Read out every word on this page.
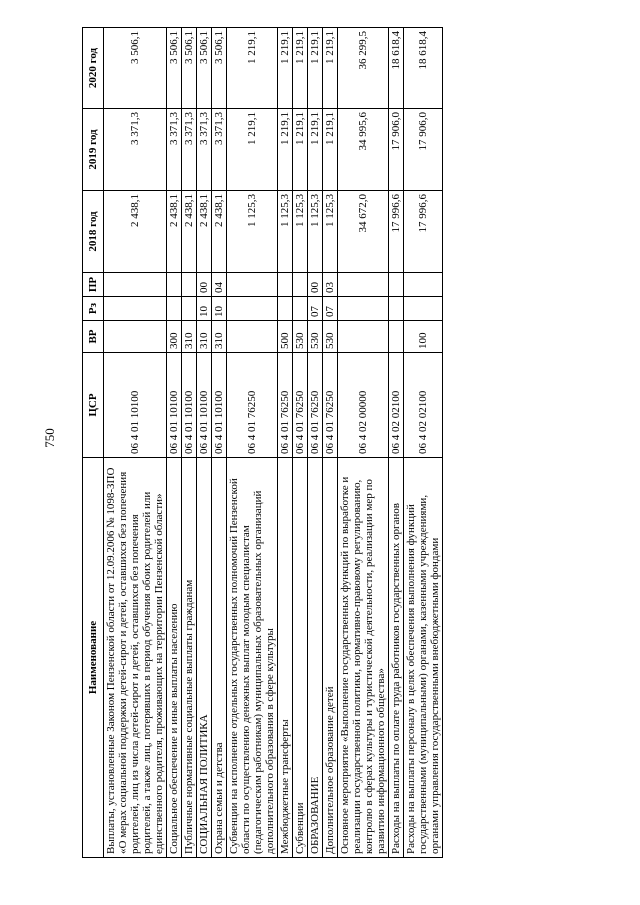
750
Наименование	ЦСР	ВР	Рз	ПР	2018 год	2019 год	2020 год
Выплаты, установленные Законом Пензенской области от 12.09.2006 № 1098-ЗПО «О мерах социальной поддержки детей-сирот и детей, оставшихся без попечения родителей, лиц из числа детей-сирот и детей, оставшихся без попечения родителей, а также лиц, потерявших в период обучения обоих родителей или единственного родителя, проживающих на территории Пензенской области»	06 4 01 10100				2 438,1	3 371,3	3 506,1
Социальное обеспечение и иные выплаты населению	06 4 01 10100	300			2 438,1	3 371,3	3 506,1
Публичные нормативные социальные выплаты гражданам	06 4 01 10100	310			2 438,1	3 371,3	3 506,1
СОЦИАЛЬНАЯ ПОЛИТИКА	06 4 01 10100	310	10	00	2 438,1	3 371,3	3 506,1
Охрана семьи и детства	06 4 01 10100	310	10	04	2 438,1	3 371,3	3 506,1
Субвенции на исполнение отдельных государственных полномочий Пензенской области по осуществлению денежных выплат молодым специалистам (педагогическим работникам) муниципальных образовательных организаций дополнительного образования в сфере культуры	06 4 01 76250				1 125,3	1 219,1	1 219,1
Межбюджетные трансферты	06 4 01 76250	500			1 125,3	1 219,1	1 219,1
Субвенции	06 4 01 76250	530			1 125,3	1 219,1	1 219,1
ОБРАЗОВАНИЕ	06 4 01 76250	530	07	00	1 125,3	1 219,1	1 219,1
Дополнительное образование детей	06 4 01 76250	530	07	03	1 125,3	1 219,1	1 219,1
Основное мероприятие «Выполнение государственных функций по выработке и реализации государственной политики, нормативно-правовому регулированию, контролю в сферах культуры и туристической деятельности, реализации мер по развитию информационного общества»	06 4 02 00000				34 672,0	34 995,6	36 299,5
Расходы на выплаты по оплате труда работников государственных органов	06 4 02 02100				17 996,6	17 906,0	18 618,4
Расходы на выплаты персоналу в целях обеспечения выполнения функций государственными (муниципальными) органами, казенными учреждениями, органами управления государственными внебюджетными фондами	06 4 02 02100	100			17 996,6	17 906,0	18 618,4
